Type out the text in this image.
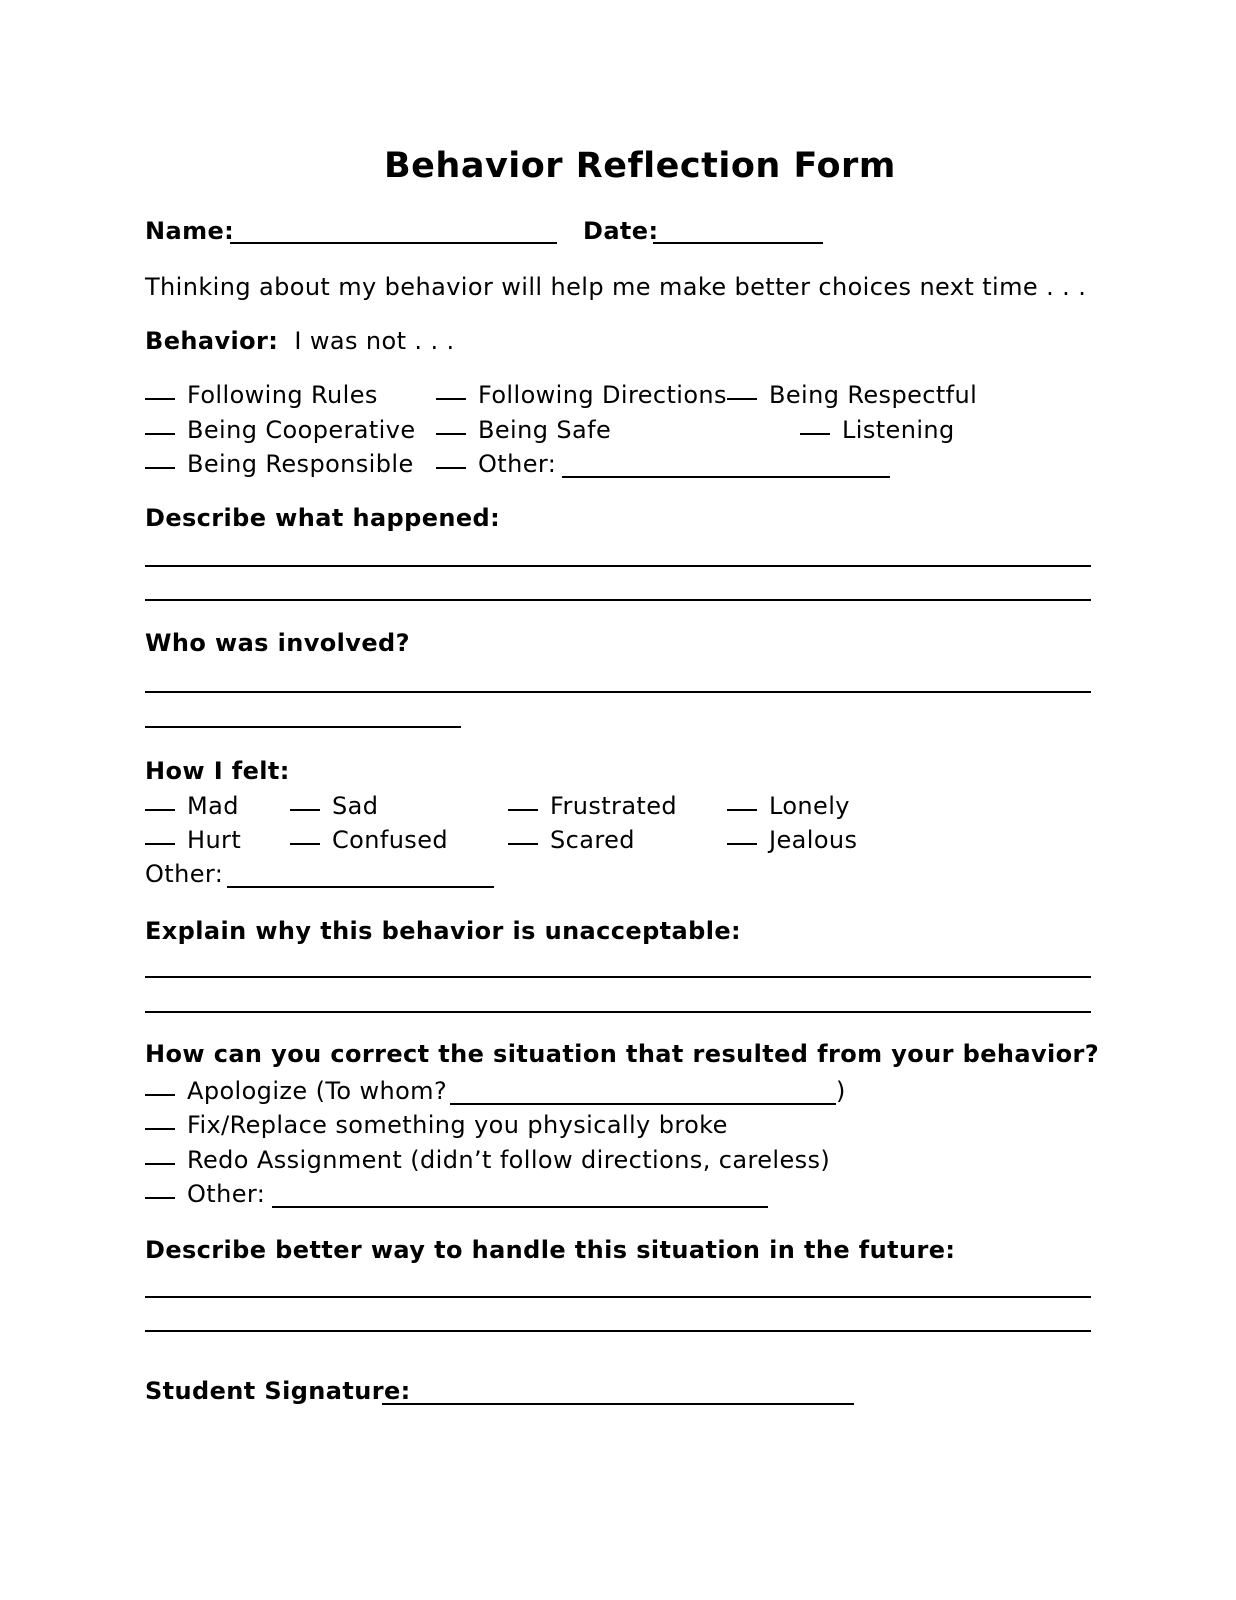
Behavior Reflection Form
Name:	Date:
Thinking about my behavior will help me make better choices next time . . .
Behavior: I was not . . .
Following Rules	Following Directions	Being Respectful
Being Cooperative	Being Safe	Listening
Being Responsible	Other:
Describe what happened:
Who was involved?
How I felt:
Mad	Sad	Frustrated	Lonely
Hurt	Confused	Scared	Jealous
Other:
Explain why this behavior is unacceptable:
How can you correct the situation that resulted from your behavior?
Apologize (To whom?	)
Fix/Replace something you physically broke
Redo Assignment (didn’t follow directions, careless)
Other:
Describe better way to handle this situation in the future:
Student Signature:
